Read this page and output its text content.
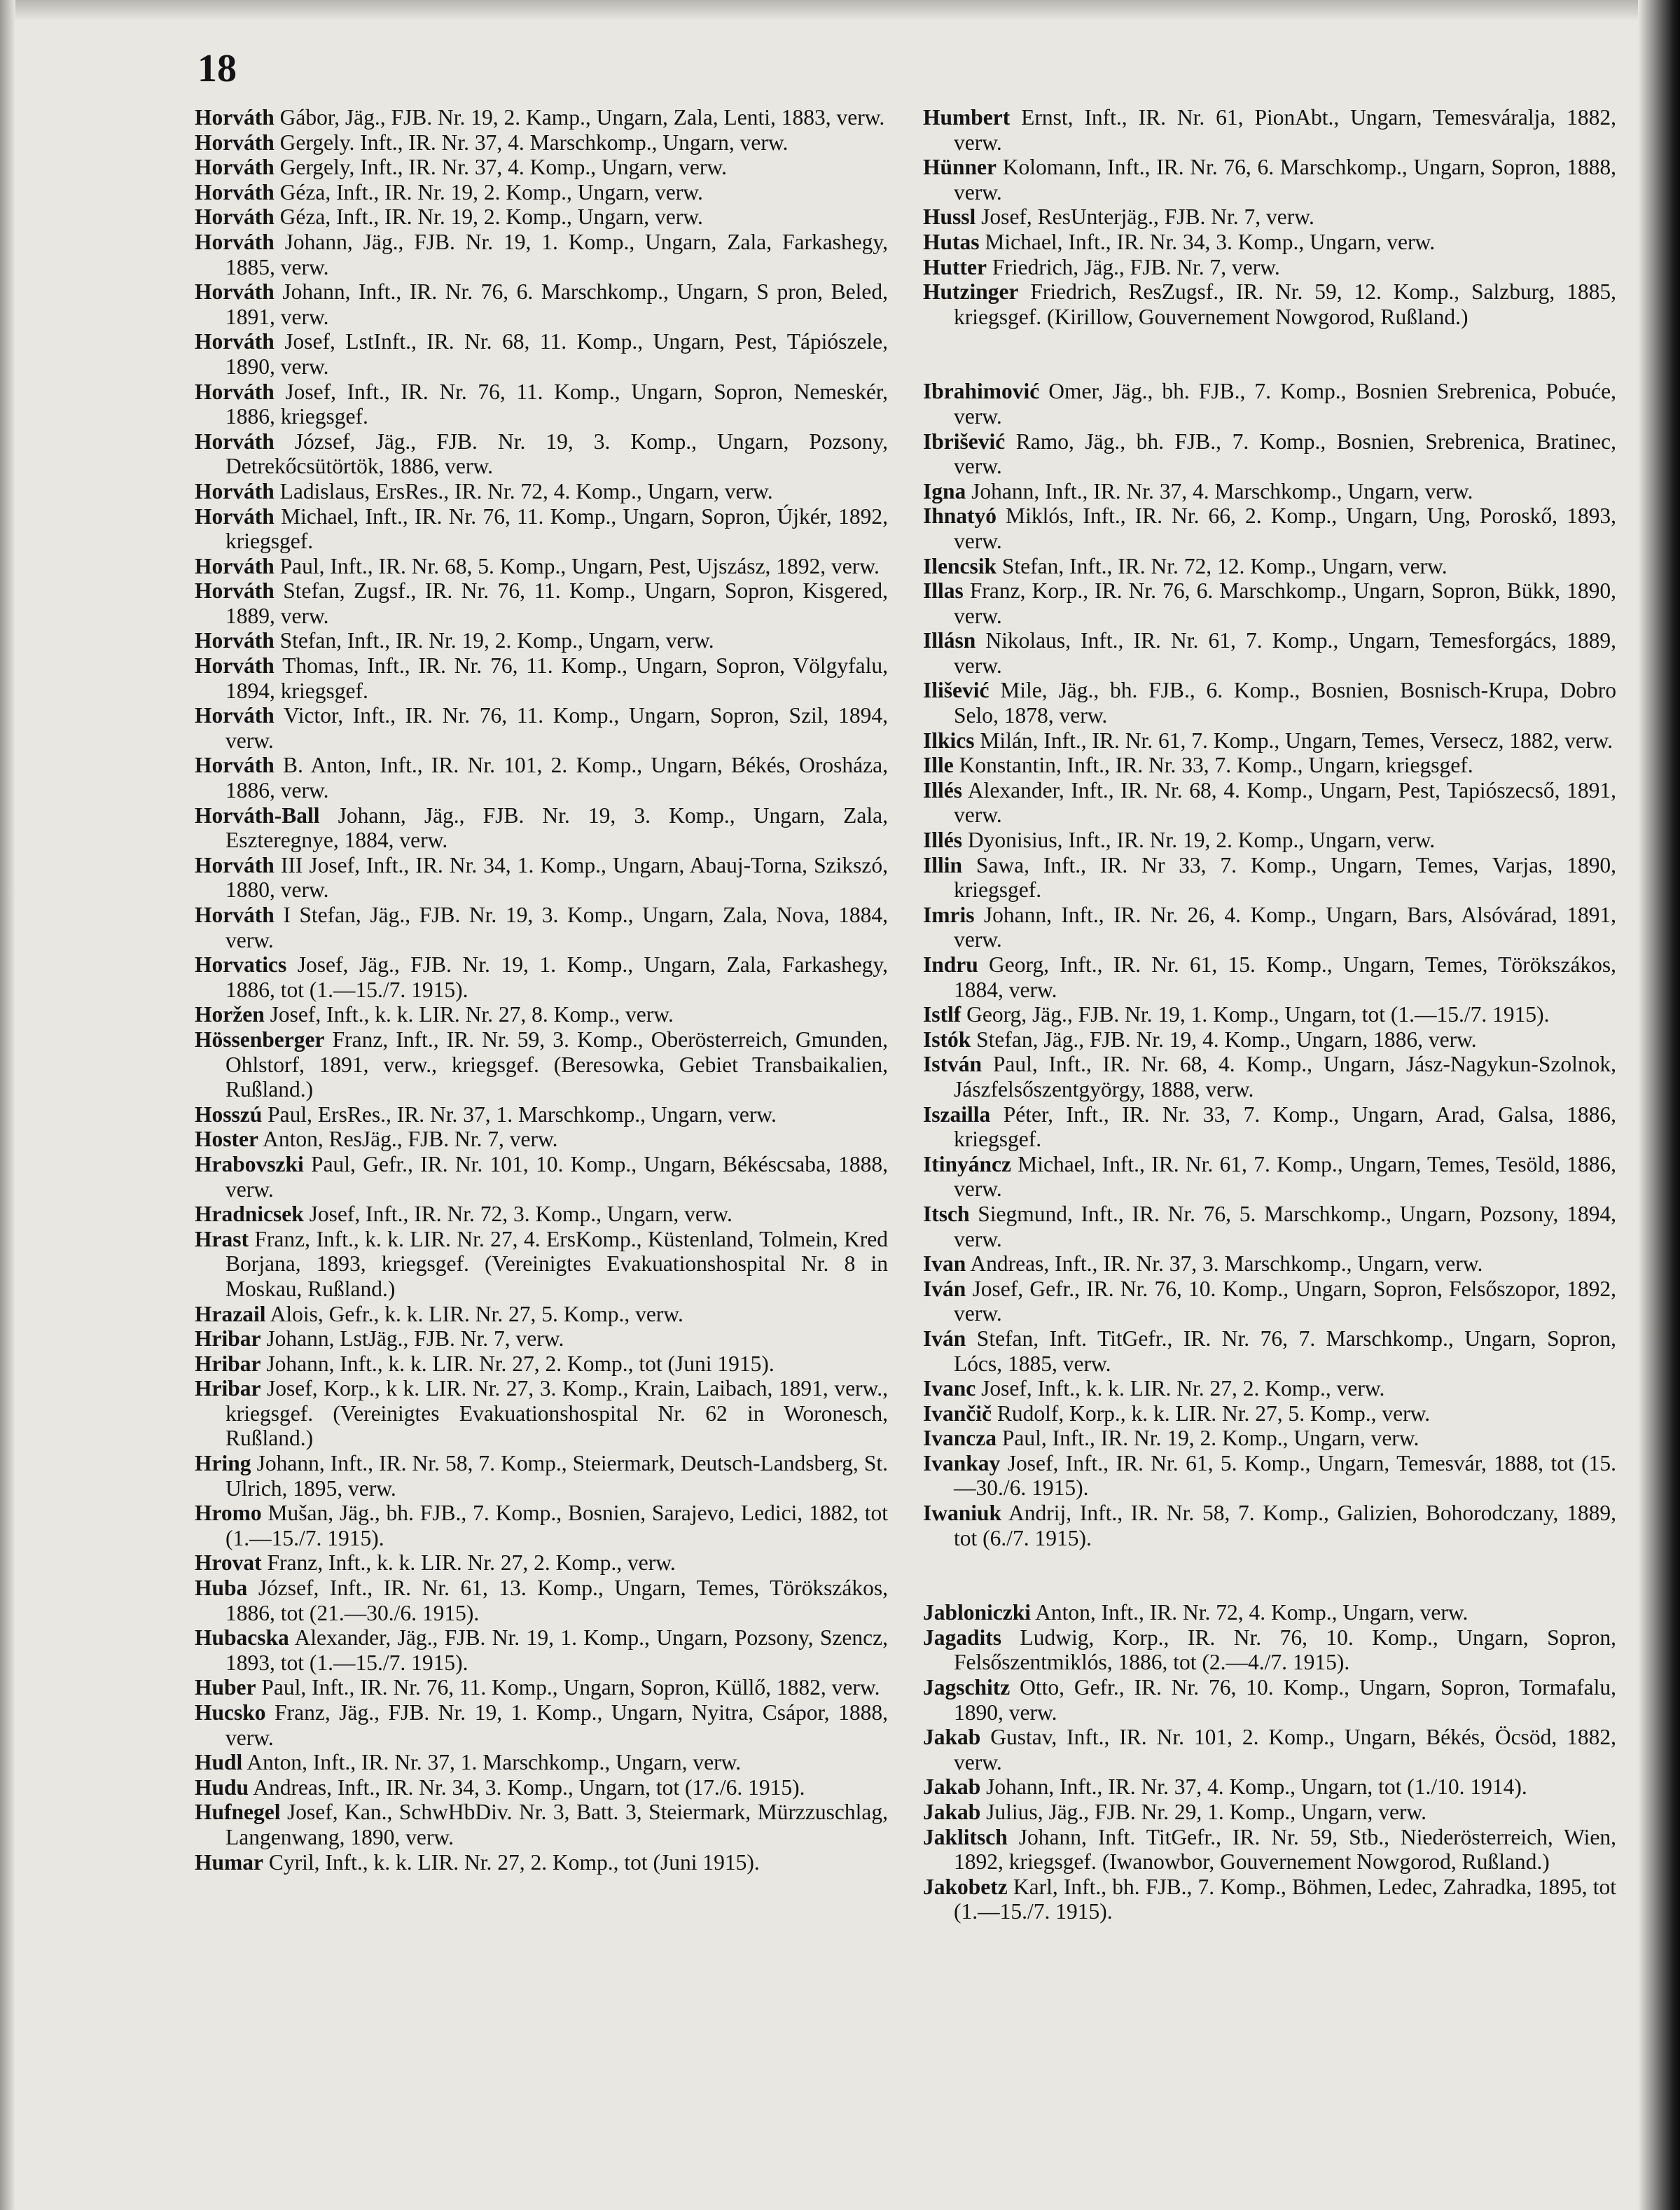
18

Horváth Gábor, Jäg., FJB. Nr. 19, 2. Kamp., Ungarn, Zala, Lenti, 1883, verw.

Horváth Gergely. Inft., IR. Nr. 37, 4. Marschkomp., Ungarn, verw.

Horváth Gergely, Inft., IR. Nr. 37, 4. Komp., Ungarn, verw.

Horváth Géza, Inft., IR. Nr. 19, 2. Komp., Ungarn, verw.

Horváth Géza, Inft., IR. Nr. 19, 2. Komp., Ungarn, verw.

Horváth Johann, Jäg., FJB. Nr. 19, 1. Komp., Ungarn, Zala, Farkashegy, 1885, verw.

Horváth Johann, Inft., IR. Nr. 76, 6. Marschkomp., Ungarn, S pron, Beled, 1891, verw.

Horváth Josef, LstInft., IR. Nr. 68, 11. Komp., Ungarn, Pest, Tápiószele, 1890, verw.

Horváth Josef, Inft., IR. Nr. 76, 11. Komp., Ungarn, Sopron, Nemeskér, 1886, kriegsgef.

Horváth József, Jäg., FJB. Nr. 19, 3. Komp., Ungarn, Pozsony, Detrekőcsütörtök, 1886, verw.

Horváth Ladislaus, ErsRes., IR. Nr. 72, 4. Komp., Ungarn, verw.

Horváth Michael, Inft., IR. Nr. 76, 11. Komp., Ungarn, Sopron, Újkér, 1892, kriegsgef.

Horváth Paul, Inft., IR. Nr. 68, 5. Komp., Ungarn, Pest, Ujszász, 1892, verw.

Horváth Stefan, Zugsf., IR. Nr. 76, 11. Komp., Ungarn, Sopron, Kisgered, 1889, verw.

Horváth Stefan, Inft., IR. Nr. 19, 2. Komp., Ungarn, verw.

Horváth Thomas, Inft., IR. Nr. 76, 11. Komp., Ungarn, Sopron, Völgyfalu, 1894, kriegsgef.

Horváth Victor, Inft., IR. Nr. 76, 11. Komp., Ungarn, Sopron, Szil, 1894, verw.

Horváth B. Anton, Inft., IR. Nr. 101, 2. Komp., Ungarn, Békés, Orosháza, 1886, verw.

Horváth-Ball Johann, Jäg., FJB. Nr. 19, 3. Komp., Ungarn, Zala, Eszteregnye, 1884, verw.

Horváth III Josef, Inft., IR. Nr. 34, 1. Komp., Ungarn, Abauj-Torna, Szikszó, 1880, verw.

Horváth I Stefan, Jäg., FJB. Nr. 19, 3. Komp., Ungarn, Zala, Nova, 1884, verw.

Horvatics Josef, Jäg., FJB. Nr. 19, 1. Komp., Ungarn, Zala, Farkashegy, 1886, tot (1.—15./7. 1915).

Horžen Josef, Inft., k. k. LIR. Nr. 27, 8. Komp., verw.

Hössenberger Franz, Inft., IR. Nr. 59, 3. Komp., Oberösterreich, Gmunden, Ohlstorf, 1891, verw., kriegsgef. (Beresowka, Gebiet Transbaikalien, Rußland.)

Hosszú Paul, ErsRes., IR. Nr. 37, 1. Marschkomp., Ungarn, verw.

Hoster Anton, ResJäg., FJB. Nr. 7, verw.

Hrabovszki Paul, Gefr., IR. Nr. 101, 10. Komp., Ungarn, Békéscsaba, 1888, verw.

Hradnicsek Josef, Inft., IR. Nr. 72, 3. Komp., Ungarn, verw.

Hrast Franz, Inft., k. k. LIR. Nr. 27, 4. ErsKomp., Küstenland, Tolmein, Kred Borjana, 1893, kriegsgef. (Vereinigtes Evakuationshospital Nr. 8 in Moskau, Rußland.)

Hrazail Alois, Gefr., k. k. LIR. Nr. 27, 5. Komp., verw.

Hribar Johann, LstJäg., FJB. Nr. 7, verw.

Hribar Johann, Inft., k. k. LIR. Nr. 27, 2. Komp., tot (Juni 1915).

Hribar Josef, Korp., k k. LIR. Nr. 27, 3. Komp., Krain, Laibach, 1891, verw., kriegsgef. (Vereinigtes Evakuationshospital Nr. 62 in Woronesch, Rußland.)

Hring Johann, Inft., IR. Nr. 58, 7. Komp., Steiermark, Deutsch-Landsberg, St. Ulrich, 1895, verw.

Hromo Mušan, Jäg., bh. FJB., 7. Komp., Bosnien, Sarajevo, Ledici, 1882, tot (1.—15./7. 1915).

Hrovat Franz, Inft., k. k. LIR. Nr. 27, 2. Komp., verw.

Huba József, Inft., IR. Nr. 61, 13. Komp., Ungarn, Temes, Törökszákos, 1886, tot (21.—30./6. 1915).

Hubacska Alexander, Jäg., FJB. Nr. 19, 1. Komp., Ungarn, Pozsony, Szencz, 1893, tot (1.—15./7. 1915).

Huber Paul, Inft., IR. Nr. 76, 11. Komp., Ungarn, Sopron, Küllő, 1882, verw.

Hucsko Franz, Jäg., FJB. Nr. 19, 1. Komp., Ungarn, Nyitra, Csápor, 1888, verw.

Hudl Anton, Inft., IR. Nr. 37, 1. Marschkomp., Ungarn, verw.

Hudu Andreas, Inft., IR. Nr. 34, 3. Komp., Ungarn, tot (17./6. 1915).

Hufnegel Josef, Kan., SchwHbDiv. Nr. 3, Batt. 3, Steiermark, Mürzzuschlag, Langenwang, 1890, verw.

Humar Cyril, Inft., k. k. LIR. Nr. 27, 2. Komp., tot (Juni 1915).

Humbert Ernst, Inft., IR. Nr. 61, PionAbt., Ungarn, Temesváralja, 1882, verw.

Hünner Kolomann, Inft., IR. Nr. 76, 6. Marschkomp., Ungarn, Sopron, 1888, verw.

Hussl Josef, ResUnterjäg., FJB. Nr. 7, verw.

Hutas Michael, Inft., IR. Nr. 34, 3. Komp., Ungarn, verw.

Hutter Friedrich, Jäg., FJB. Nr. 7, verw.

Hutzinger Friedrich, ResZugsf., IR. Nr. 59, 12. Komp., Salzburg, 1885, kriegsgef. (Kirillow, Gouvernement Nowgorod, Rußland.)

Ibrahimović Omer, Jäg., bh. FJB., 7. Komp., Bosnien Srebrenica, Pobuće, verw.

Ibrišević Ramo, Jäg., bh. FJB., 7. Komp., Bosnien, Srebrenica, Bratinec, verw.

Igna Johann, Inft., IR. Nr. 37, 4. Marschkomp., Ungarn, verw.

Ihnatyó Miklós, Inft., IR. Nr. 66, 2. Komp., Ungarn, Ung, Poroskő, 1893, verw.

Ilencsik Stefan, Inft., IR. Nr. 72, 12. Komp., Ungarn, verw.

Illas Franz, Korp., IR. Nr. 76, 6. Marschkomp., Ungarn, Sopron, Bükk, 1890, verw.

Illásn Nikolaus, Inft., IR. Nr. 61, 7. Komp., Ungarn, Temesforgács, 1889, verw.

Ilišević Mile, Jäg., bh. FJB., 6. Komp., Bosnien, Bosnisch-Krupa, Dobro Selo, 1878, verw.

Ilkics Milán, Inft., IR. Nr. 61, 7. Komp., Ungarn, Temes, Versecz, 1882, verw.

Ille Konstantin, Inft., IR. Nr. 33, 7. Komp., Ungarn, kriegsgef.

Illés Alexander, Inft., IR. Nr. 68, 4. Komp., Ungarn, Pest, Tapiószecső, 1891, verw.

Illés Dyonisius, Inft., IR. Nr. 19, 2. Komp., Ungarn, verw.

Illin Sawa, Inft., IR. Nr 33, 7. Komp., Ungarn, Temes, Varjas, 1890, kriegsgef.

Imris Johann, Inft., IR. Nr. 26, 4. Komp., Ungarn, Bars, Alsóvárad, 1891, verw.

Indru Georg, Inft., IR. Nr. 61, 15. Komp., Ungarn, Temes, Törökszákos, 1884, verw.

Istlf Georg, Jäg., FJB. Nr. 19, 1. Komp., Ungarn, tot (1.—15./7. 1915).

Istók Stefan, Jäg., FJB. Nr. 19, 4. Komp., Ungarn, 1886, verw.

István Paul, Inft., IR. Nr. 68, 4. Komp., Ungarn, Jász-Nagykun-Szolnok, Jászfelsőszentgyörgy, 1888, verw.

Iszailla Péter, Inft., IR. Nr. 33, 7. Komp., Ungarn, Arad, Galsa, 1886, kriegsgef.

Itinyáncz Michael, Inft., IR. Nr. 61, 7. Komp., Ungarn, Temes, Tesöld, 1886, verw.

Itsch Siegmund, Inft., IR. Nr. 76, 5. Marschkomp., Ungarn, Pozsony, 1894, verw.

Ivan Andreas, Inft., IR. Nr. 37, 3. Marschkomp., Ungarn, verw.

Iván Josef, Gefr., IR. Nr. 76, 10. Komp., Ungarn, Sopron, Felsőszopor, 1892, verw.

Iván Stefan, Inft. TitGefr., IR. Nr. 76, 7. Marschkomp., Ungarn, Sopron, Lócs, 1885, verw.

Ivanc Josef, Inft., k. k. LIR. Nr. 27, 2. Komp., verw.

Ivančič Rudolf, Korp., k. k. LIR. Nr. 27, 5. Komp., verw.

Ivancza Paul, Inft., IR. Nr. 19, 2. Komp., Ungarn, verw.

Ivankay Josef, Inft., IR. Nr. 61, 5. Komp., Ungarn, Temesvár, 1888, tot (15.—30./6. 1915).

Iwaniuk Andrij, Inft., IR. Nr. 58, 7. Komp., Galizien, Bohorodczany, 1889, tot (6./7. 1915).

Jabloniczki Anton, Inft., IR. Nr. 72, 4. Komp., Ungarn, verw.

Jagadits Ludwig, Korp., IR. Nr. 76, 10. Komp., Ungarn, Sopron, Felsőszentmiklós, 1886, tot (2.—4./7. 1915).

Jagschitz Otto, Gefr., IR. Nr. 76, 10. Komp., Ungarn, Sopron, Tormafalu, 1890, verw.

Jakab Gustav, Inft., IR. Nr. 101, 2. Komp., Ungarn, Békés, Öcsöd, 1882, verw.

Jakab Johann, Inft., IR. Nr. 37, 4. Komp., Ungarn, tot (1./10. 1914).

Jakab Julius, Jäg., FJB. Nr. 29, 1. Komp., Ungarn, verw.

Jaklitsch Johann, Inft. TitGefr., IR. Nr. 59, Stb., Niederösterreich, Wien, 1892, kriegsgef. (Iwanowbor, Gouvernement Nowgorod, Rußland.)

Jakobetz Karl, Inft., bh. FJB., 7. Komp., Böhmen, Ledec, Zahradka, 1895, tot (1.—15./7. 1915).
